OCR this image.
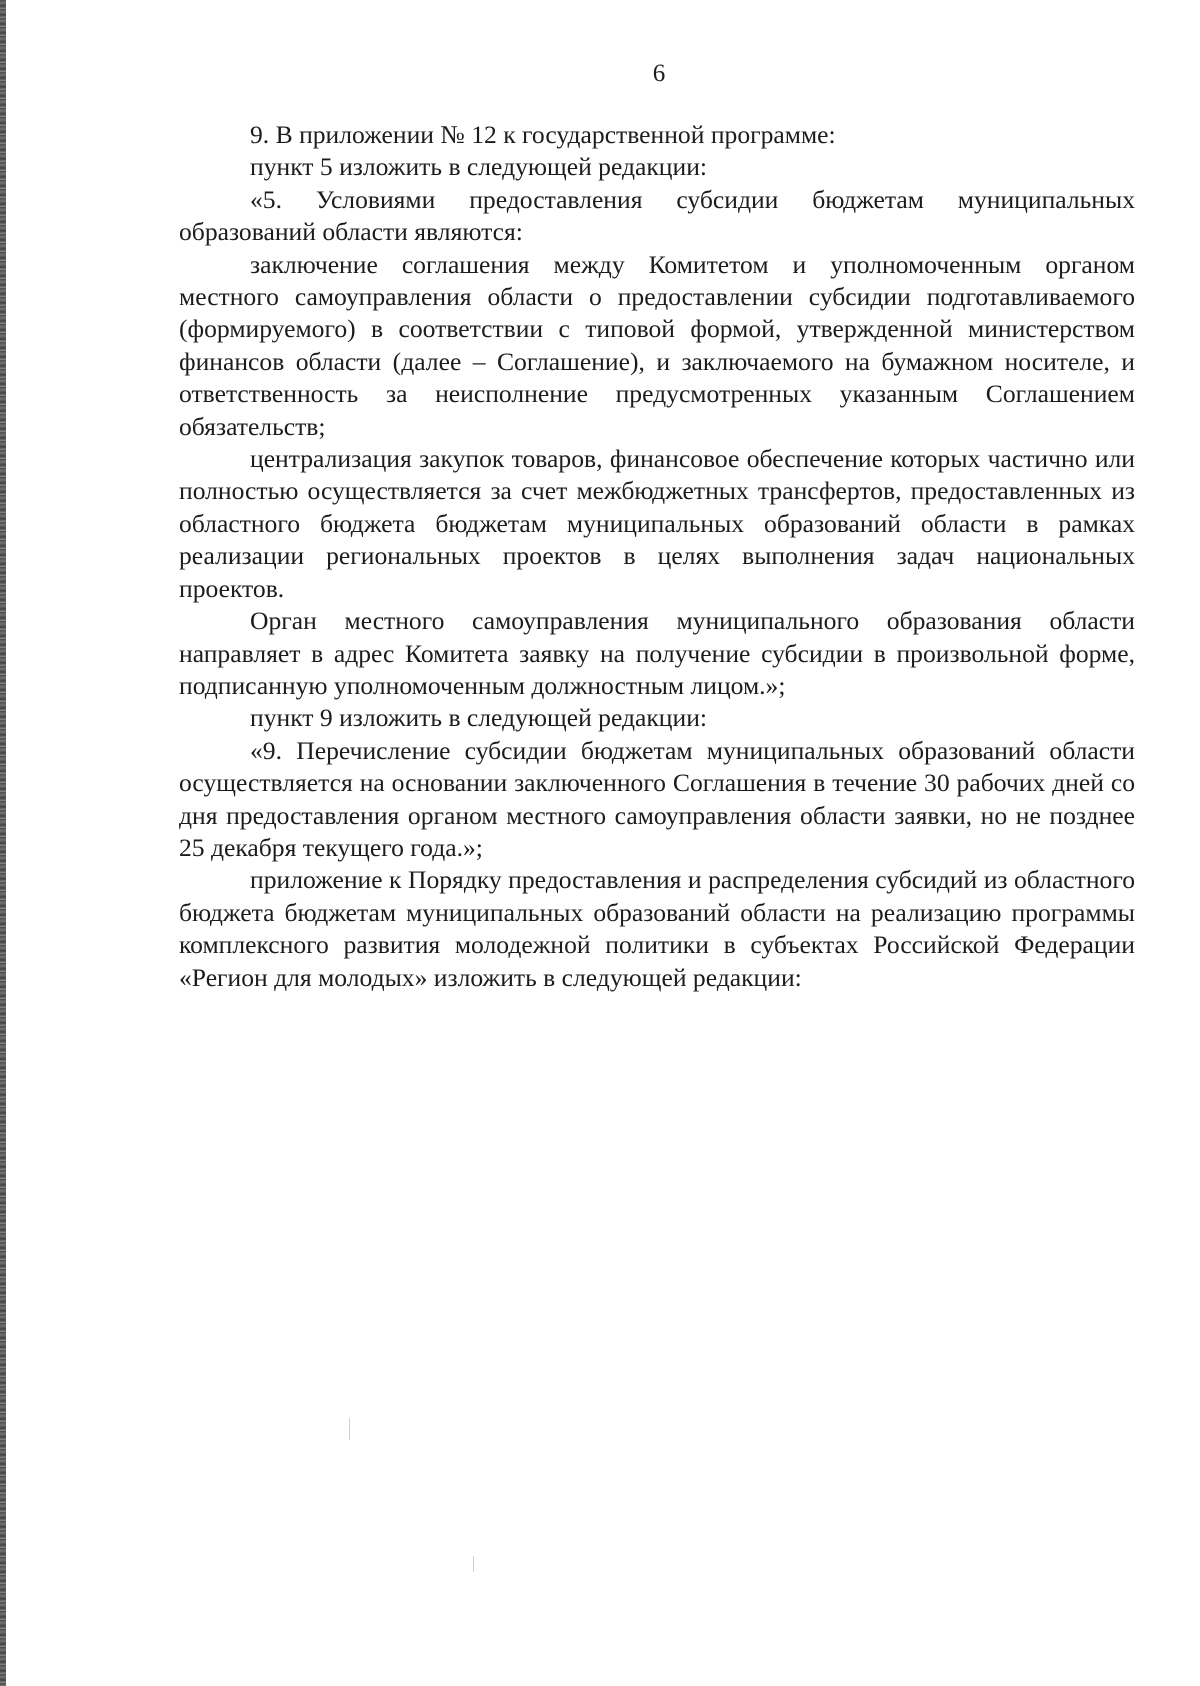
6

9. В приложении № 12 к государственной программе:

пункт 5 изложить в следующей редакции:

«5. Условиями предоставления субсидии бюджетам муниципальных образований области являются:

заключение соглашения между Комитетом и уполномоченным органом местного самоуправления области о предоставлении субсидии подготавливаемого (формируемого) в соответствии с типовой формой, утвержденной министерством финансов области (далее – Соглашение), и заключаемого на бумажном носителе, и ответственность за неисполнение предусмотренных указанным Соглашением обязательств;

централизация закупок товаров, финансовое обеспечение которых частично или полностью осуществляется за счет межбюджетных трансфертов, предоставленных из областного бюджета бюджетам муниципальных образований области в рамках реализации региональных проектов в целях выполнения задач национальных проектов.

Орган местного самоуправления муниципального образования области направляет в адрес Комитета заявку на получение субсидии в произвольной форме, подписанную уполномоченным должностным лицом.»;

пункт 9 изложить в следующей редакции:

«9. Перечисление субсидии бюджетам муниципальных образований области осуществляется на основании заключенного Соглашения в течение 30 рабочих дней со дня предоставления органом местного самоуправления области заявки, но не позднее 25 декабря текущего года.»;

приложение к Порядку предоставления и распределения субсидий из областного бюджета бюджетам муниципальных образований области на реализацию программы комплексного развития молодежной политики в субъектах Российской Федерации «Регион для молодых» изложить в следующей редакции:
